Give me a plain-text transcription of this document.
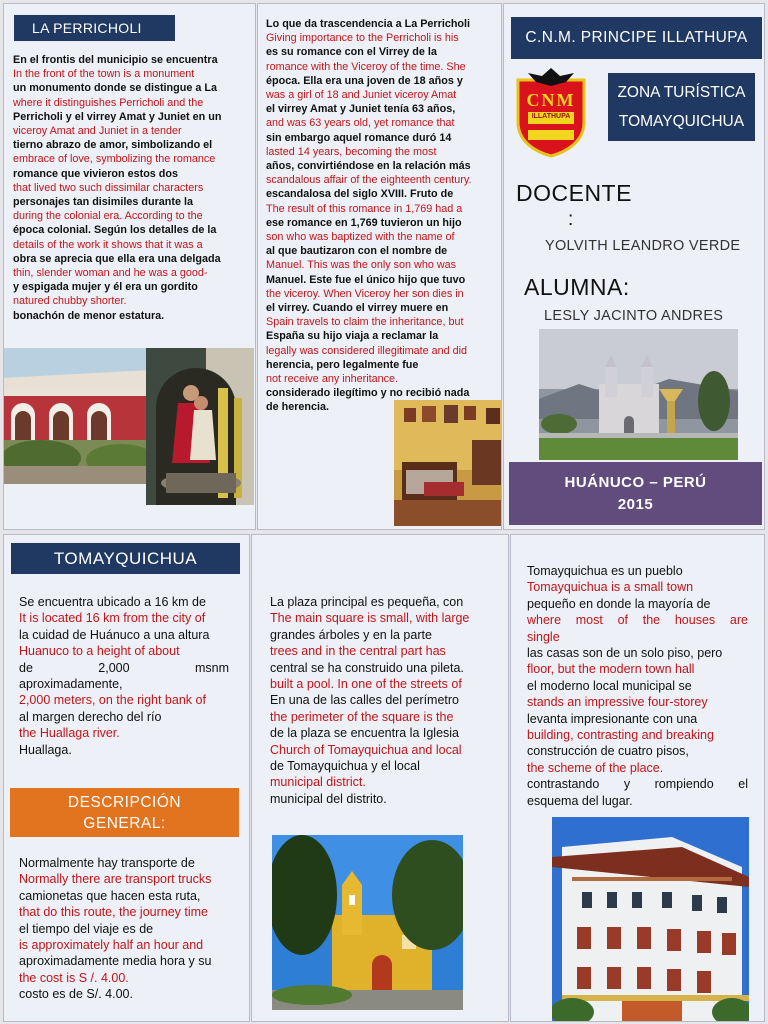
LA PERRICHOLI
En el frontis del municipio se encuentra
In the front of the town is a monument
un monumento donde se distingue a La
where it distinguishes Perricholi and the
Perricholi y el virrey Amat y Juniet en un
viceroy Amat and Juniet in a tender
tierno abrazo de amor, simbolizando el
embrace of love, symbolizing the romance
romance que vivieron estos dos
that lived two such dissimilar characters
personajes tan disimiles durante la
during the colonial era. According to the
época colonial. Según los detalles de la
details of the work it shows that it was a
obra se aprecia que ella era una delgada
thin, slender woman and he was a good-
y espigada mujer y él era un gordito
natured chubby shorter.
bonachón de menor estatura.
Lo que da trascendencia a La Perricholi
Giving importance to the Perricholi is his
es su romance con el Virrey de la
romance with the Viceroy of the time. She
época. Ella era una joven de 18 años y
was a girl of 18 and Juniet viceroy Amat
el virrey Amat y Juniet tenía 63 años,
and was 63 years old, yet romance that
sin embargo aquel romance duró 14
lasted 14 years, becoming the most
años, convirtiéndose en la relación más
scandalous affair of the eighteenth century.
escandalosa del siglo XVIII. Fruto de
The result of this romance in 1,769 had a
ese romance en 1,769 tuvieron un hijo
son who was baptized with the name of
al que bautizaron con el nombre de
Manuel. This was the only son who was
Manuel. Este fue el único hijo que tuvo
the viceroy. When Viceroy her son dies in
el virrey. Cuando el virrey muere en
Spain travels to claim the inheritance, but
España su hijo viaja a reclamar la
legally was considered illegitimate and did
herencia, pero legalmente fue
not receive any inheritance.
considerado ilegítimo y no recibió nada
de herencia.
C.N.M. PRINCIPE ILLATHUPA
CNM
ILLATHUPA
ZONA TURÍSTICA
TOMAYQUICHUA
DOCENTE
:
YOLVITH LEANDRO VERDE
ALUMNA:
LESLY JACINTO ANDRES
HUÁNUCO – PERÚ
2015
TOMAYQUICHUA
Se encuentra ubicado a 16 km de
It is located 16 km from the city of
la cuidad de Huánuco a una altura
Huanuco to a height of about
de	2,000	msnm
aproximadamente,
2,000 meters, on the right bank of
al margen derecho del río
the Huallaga river.
Huallaga.
DESCRIPCIÓN
GENERAL:
Normalmente hay transporte de
Normally there are transport trucks
camionetas que hacen esta ruta,
that do this route, the journey time
el tiempo del viaje es de
is approximately half an hour and
aproximadamente media hora y su
the cost is S /. 4.00.
costo es de S/. 4.00.
La plaza principal es pequeña, con
The main square is small, with large
grandes árboles y en la parte
trees and in the central part has
central se ha construido una pileta.
built a pool. In one of the streets of
En una de las calles del perímetro
the perimeter of the square is the
de la plaza se encuentra la Iglesia
Church of Tomayquichua and local
de Tomayquichua y el local
municipal district.
municipal del distrito.
Tomayquichua es un pueblo
Tomayquichua is a small town
pequeño en donde la mayoría de
where most of the houses are
single
las casas son de un solo piso, pero
floor, but the modern town hall
el moderno local municipal se
stands an impressive four-storey
levanta impresionante con una
building, contrasting and breaking
construcción de cuatro pisos,
the scheme of the place.
contrastando y rompiendo el
esquema del lugar.
